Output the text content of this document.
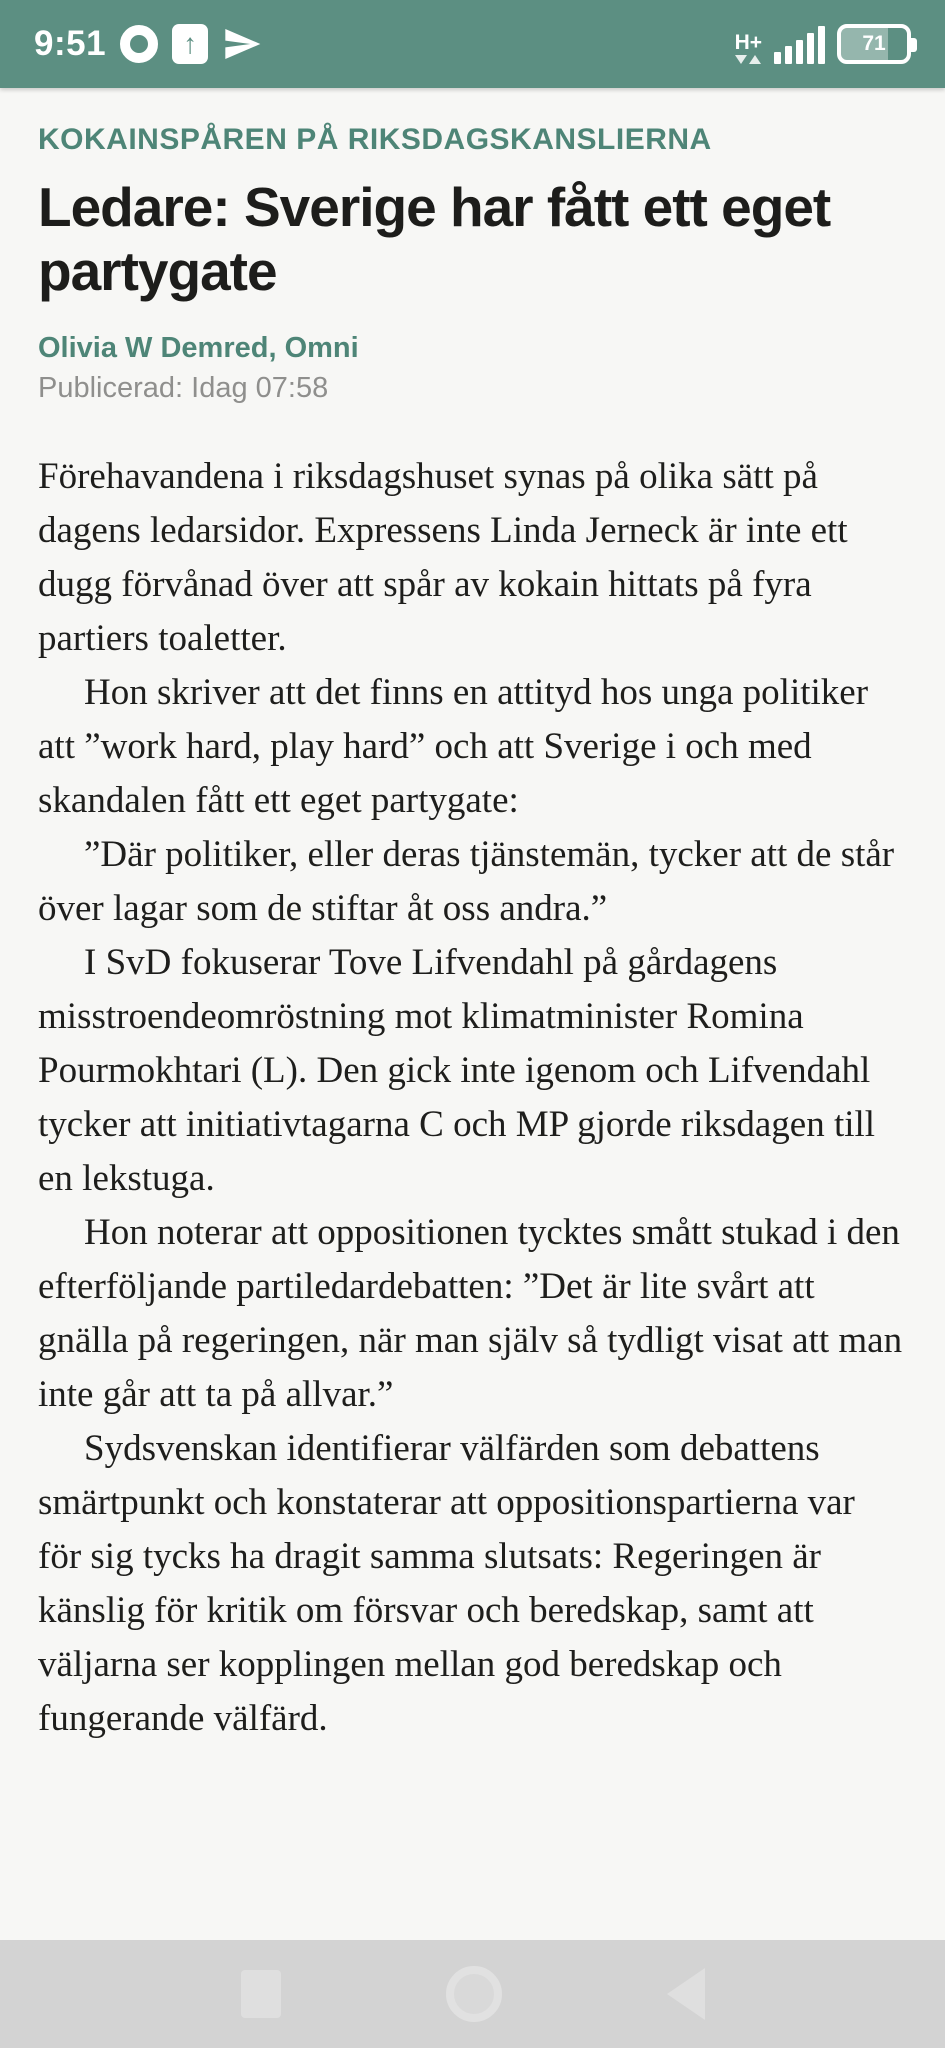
9:51 ↑	H+	71
KOKAINSPÅREN PÅ RIKSDAGSKANSLIERNA
Ledare: Sverige har fått ett eget partygate
Olivia W Demred, Omni
Publicerad: Idag 07:58

Förehavandena i riksdagshuset synas på olika sätt på dagens ledarsidor. Expressens Linda Jerneck är inte ett dugg förvånad över att spår av kokain hittats på fyra partiers toaletter.

Hon skriver att det finns en attityd hos unga politiker att ”work hard, play hard” och att Sverige i och med skandalen fått ett eget partygate:

”Där politiker, eller deras tjänstemän, tycker att de står över lagar som de stiftar åt oss andra.”

I SvD fokuserar Tove Lifvendahl på gårdagens misstroendeomröstning mot klimatminister Romina Pourmokhtari (L). Den gick inte igenom och Lifvendahl tycker att initiativtagarna C och MP gjorde riksdagen till en lekstuga.

Hon noterar att oppositionen tycktes smått stukad i den efterföljande partiledardebatten: ”Det är lite svårt att gnälla på regeringen, när man själv så tydligt visat att man inte går att ta på allvar.”

Sydsvenskan identifierar välfärden som debattens smärtpunkt och konstaterar att oppositionspartierna var för sig tycks ha dragit samma slutsats: Regeringen är känslig för kritik om försvar och beredskap, samt att väljarna ser kopplingen mellan god beredskap och fungerande välfärd.
